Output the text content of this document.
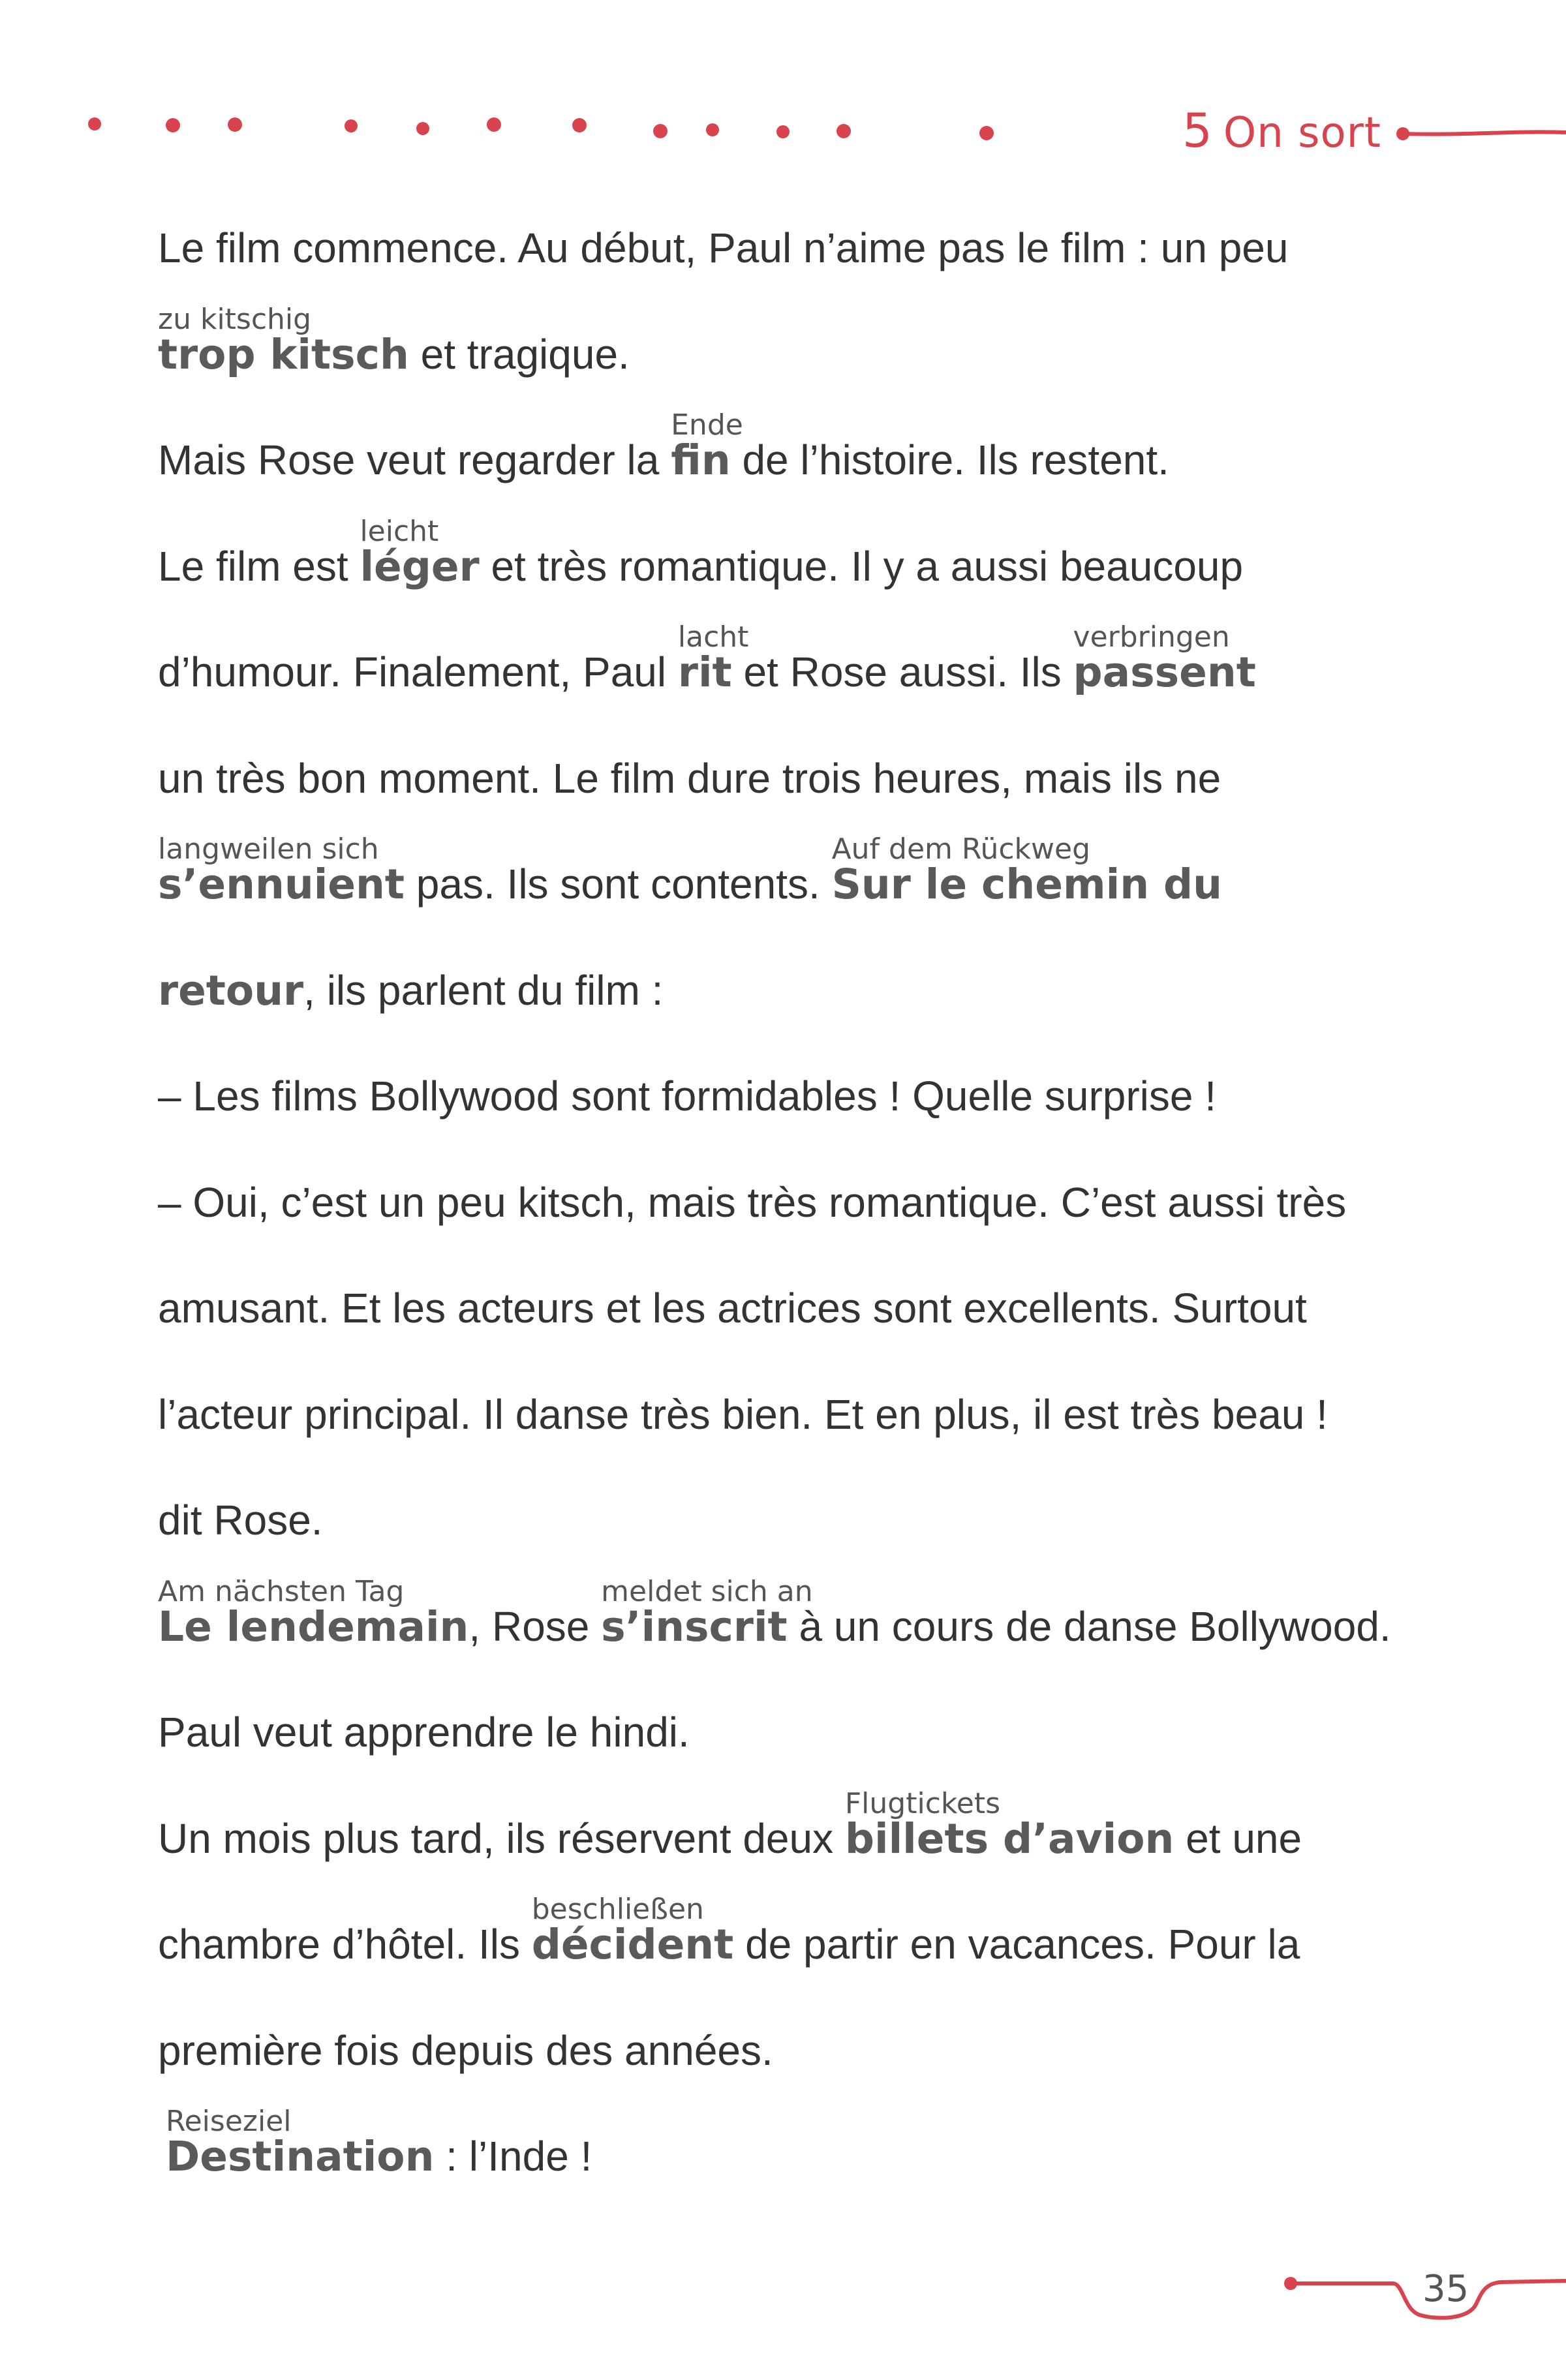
5 On sort
Le film commence. Au début, Paul n’aime pas le film : un peu
zu kitschig
trop kitsch et tragique.
Mais Rose veut regarder la
Ende
fin de l’histoire. Ils restent.
Le film est
leicht
léger et très romantique. Il y a aussi beaucoup
d’humour. Finalement, Paul
lacht
rit et Rose aussi. Ils
verbringen
passent
un très bon moment. Le film dure trois heures, mais ils ne
langweilen sich
s’ennuient pas. Ils sont contents.
Auf dem Rückweg
Sur le chemin du
retour, ils parlent du film :
– Les films Bollywood sont formidables ! Quelle surprise !
– Oui, c’est un peu kitsch, mais très romantique. C’est aussi très
amusant. Et les acteurs et les actrices sont excellents. Surtout
l’acteur principal. Il danse très bien. Et en plus, il est très beau !
dit Rose.
Am nächsten Tag
Le lendemain, Rose
meldet sich an
s’inscrit à un cours de danse Bollywood.
Paul veut apprendre le hindi.
Un mois plus tard, ils réservent deux
Flugtickets
billets d’avion et une
chambre d’hôtel. Ils
beschließen
décident de partir en vacances. Pour la
première fois depuis des années.
Reiseziel
Destination : l’Inde !
35
